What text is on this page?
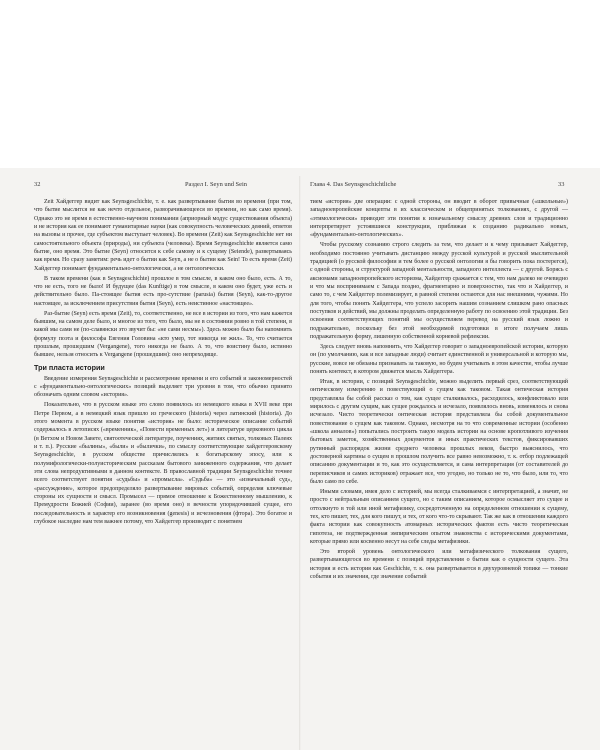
32	Раздел I. Seyn und Sein	Глава 4. Das Seynsgeschichtliche	33

Zeit Хайдеггер видит как Seynsgeschichte, т. е. как развертывание бытия во времени (при том, что бытие мыслится не как нечто отдельное, разворачивающееся во времени, но как само время). Однако это не время в естественно-научном понимании (априорный модус существования объекта) и не история как ее понимают гуманитарные науки (как совокупность человеческих деяний, ответов на вызовы и прочее, где субъектом выступает человек). Во времени (Zeit) как Seynsgeschichte нет ни самостоятельного объекта (природы), ни субъекта (человека). Время Seynsgeschichte является само бытие, оно время. Это бытие (Seyn) относится к себе самому и к сущему (Seiende), развертываясь как время. Но сразу заметим: речь идет о бытии как Seyn, а не о бытии как Sein! То есть время (Zeit) Хайдеггер понимает фундаментально-онтологически, а не онтологически.

В таком времени (как в Seynsgeschichte) прошлое в том смысле, в каком оно было, есть. А то, что не есть, того не было! И будущее (das Kunftige) в том смысле, в каком оно будет, уже есть и действительно было. Па-стоящее бытия есть про-сутствие (parusia) бытия (Seyn), как-то-другое настоящее, за исключением присутствия бытия (Seyn), есть неистинное «настоящее».

Раз-бытие (Seyn) есть время (Zeit), то, соответственно, не все в истории из того, что нам кажется бывшим, на самом деле было, и многое из того, что было, мы не в состоянии ровно в той степени, в какой мы сами не (по-славянски это звучит бы: «не сами несмы»). Здесь можно было бы напомнить формулу поэта и философа Евгения Головина «кто умер, тот никогда не жил». То, что считается прошлым, прошедшим (Vergangene), того никогда не было. А то, что воистину было, истинно бывшее, нельзя относить к Vergangene (прошедшим): оно непреходяще.

Три пласта истории

Введение измерения Seynsgeschichte и рассмотрение времени и его событий и закономерностей с «фундаментально-онтологических» позиций выделяет три уровня в том, что обычно принято обозначать одним словом «история».

Показательно, что в русском языке это слово появилось из немецкого языка в XVII веке при Петре Первом, а в немецкий язык пришло из греческого (historia) через латинский (historia). До этого момента в русском языке понятия «история» не было: историческое описание событий содержалось в летописях («временник», «Повести временных лет») и литературе церковного цикла (в Ветхом и Новом Завете, святоотеческой литературе, поучениях, житиях святых, толковых Палеях и т. п.). Русские «былины», «были» и «былички», по смыслу соответствующие хайдеггеровскому Seynsgeschichte, в русском обществе причислялись к богатырскому эпосу, или к полумифологически-полуисторическим рассказам бытового заниженного содержания, что делает эти слова непродуктивными в данном контексте. В православной традиции Seynsgeschichte точнее всего соответствует понятия «судьбы» и «промысла». «Судьба» — это «изначальный суд», «рассуждение», которое предопределяло развертывание мировых событий, определяя ключевые стороны их сущности и смысл. Промысел — прямое отношение к Божественному мышлению, к Премудрости Божией (Софии), заранее (во время оно) в вечности упорядочившей сущее, его последовательность и характер его возникновения (genesis) и исчезновения (фтора). Это богатое и глубокое наследие нам тем важнее потому, что Хайдеггер производит с понятием

тием «история» две операции: с одной стороны, он вводит в оборот привычные («школьные») западноевропейские концепты в их классическом и общепринятых толкованиях, с другой — «этимологически» приводит эти понятия к изначальному смыслу древних слов и традиционно интерпретирует устоявшиеся конструкции, приближая к созданию радикально новых, «фундаментально-онтологических».

Чтобы русскому сознанию строго следить за тем, что делает и к чему призывает Хайдеггер, необходимо постоянно учитывать дистанцию между русской культурой и русской мыслительной традицией (о русской философии и тем более о русской онтологии я бы говорить пока постерегся), с одной стороны, и структурой западной ментальности, западного интеллекта — с другой. Борясь с аксиомами западноевропейского историзма, Хайдеггер сражается с тем, что нам далеко не очевидно и что мы воспринимаем с Запада поздно, фрагментарно и поверхностно, так что и Хайдеггер, и само то, с чем Хайдеггер полемизирует, в равной степени остаются для нас внешними, чужими. Но для того, чтобы понять Хайдеггера, что успело засорить нашим сознанием слишком рано опасных поступков и действий, мы должны проделать определенную работу по освоению этой традиции. Без освоения соответствующих понятий мы осуществляем перевод на русский язык ложно и подражательно, поскольку без этой необходимой подготовки в итоге получаем лишь подражательную форму, лишенную собственной корневой рефлексии.

Здесь следует вновь напомнить, что Хайдеггер говорит о западноевропейской истории, которую он (по умолчанию, как и все западные люди) считает единственной и универсальной и которую мы, русские, вовсе не обязаны признавать за таковую, но будем учитывать в этом качестве, чтобы лучше понять контекст, в котором движется мысль Хайдеггера.

Итак, в истории, с позиций Seynsgeschichte, можно выделить первый срез, соответствующий онтическому измерению и повествующий о сущем как таковом. Такая онтическая история представляла бы собой рассказ о том, как сущее сталкивалось, расходилось, конфликтовало или мирилось с другим сущим, как сущее рождалось и исчезало, появлялось вновь, изменялось и снова исчезало. Чисто теоретически онтическая история представляла бы собой документальное повествование о сущем как таковом. Однако, несмотря на то что современные истории (особенно «школа анналов») попытались построить такую модель истории на основе кропотливого изучения бытовых заметок, хозяйственных документов и иных практических текстов, фиксировавших рутинный распорядок жизни среднего человека прошлых веков, быстро выяснилось, что достоверной картины о сущем в прошлом получить все равно невозможно, т. к. отбор подлежащей описанию документации и то, как это осуществляется, и сама интерпретация (от составителей до переписчиков и самих историков) отражает все, что угодно, но только не то, что было, или то, что было само по себе.

Иными словами, имея дело с историей, мы всегда сталкиваемся с интерпретацией, а значит, не просто с нейтральным описанием сущего, но с таким описанием, которое осмысляет это сущее и оттолкнуто в той или иной метафизику, сосредоточенную на определенном отношении к сущему, тех, кто пишет, тех, для кого пишут, и тех, от кого что-то скрывают. Так же как в отношении каждого факта истории как совокупность атомарных исторических фактов есть чисто теоретическая гипотеза, не подтвержденная эмпирическим опытом знакомства с историческими документами, которые прямо или косвенно несут на себе следы метафизики.

Это второй уровень онтологического или метафизического толкования сущего, развертывающегося во времени с позиций представления о бытии как о сущности сущего. Эта история и есть история как Geschichte, т. к. она развертывается в двухуровневой топике — тонкие события и их значения, где значение событий
